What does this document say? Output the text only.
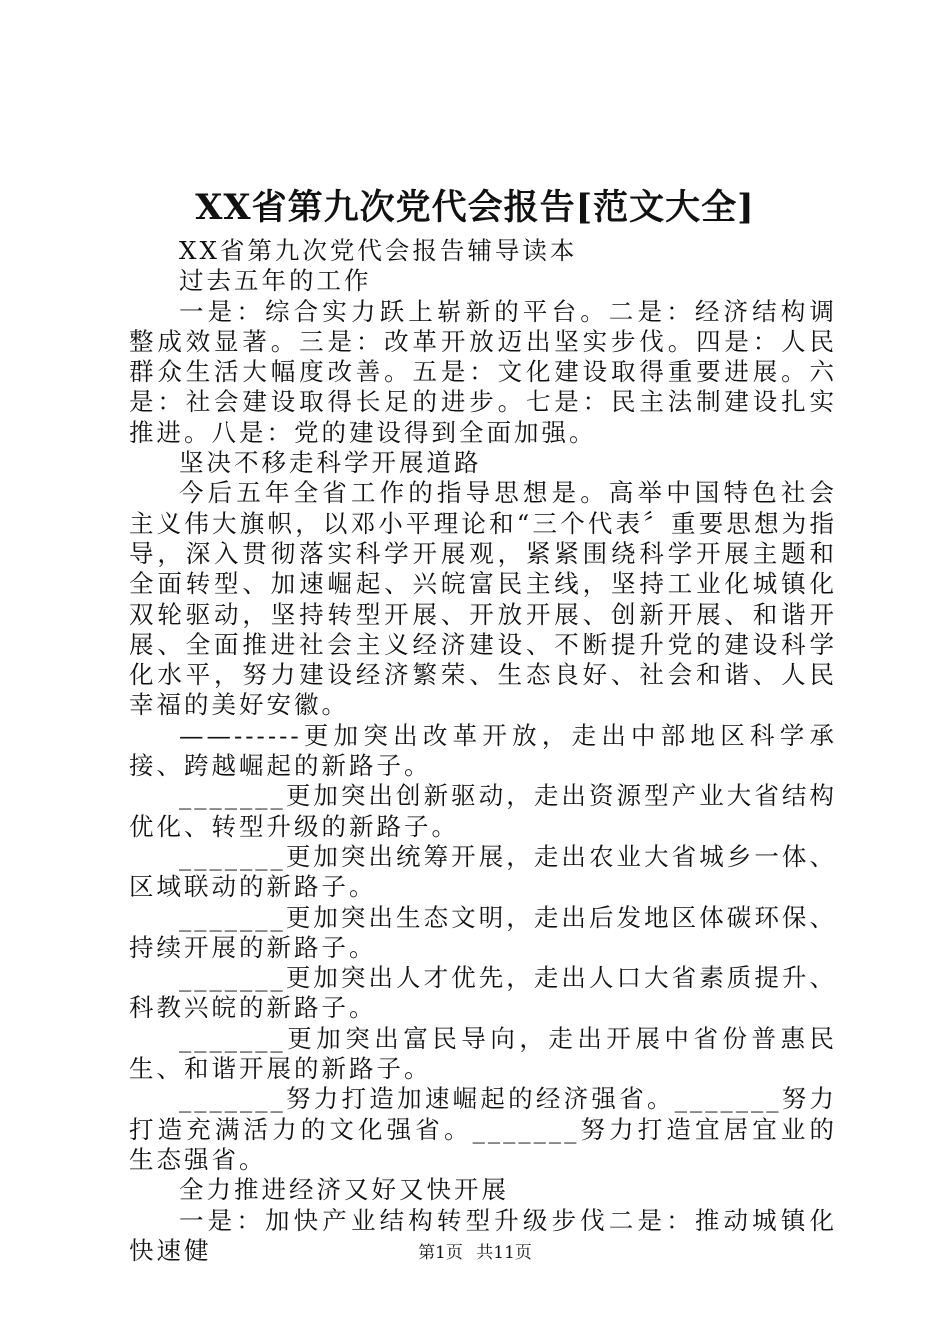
XX省第九次党代会报告[范文大全]

XX省第九次党代会报告辅导读本

过去五年的工作

一是：综合实力跃上崭新的平台。二是：经济结构调整成效显著。三是：改革开放迈出坚实步伐。四是：人民群众生活大幅度改善。五是：文化建设取得重要进展。六是：社会建设取得长足的进步。七是：民主法制建设扎实推进。八是：党的建设得到全面加强。

坚决不移走科学开展道路

今后五年全省工作的指导思想是。高举中国特色社会主义伟大旗帜，以邓小平理论和“三个代表〞重要思想为指导，深入贯彻落实科学开展观，紧紧围绕科学开展主题和全面转型、加速崛起、兴皖富民主线，坚持工业化城镇化双轮驱动，坚持转型开展、开放开展、创新开展、和谐开展、全面推进社会主义经济建设、不断提升党的建设科学化水平，努力建设经济繁荣、生态良好、社会和谐、人民幸福的美好安徽。

——------更加突出改革开放，走出中部地区科学承接、跨越崛起的新路子。

_______更加突出创新驱动，走出资源型产业大省结构优化、转型升级的新路子。

_______更加突出统筹开展，走出农业大省城乡一体、区域联动的新路子。

_______更加突出生态文明，走出后发地区体碳环保、持续开展的新路子。

_______更加突出人才优先，走出人口大省素质提升、科教兴皖的新路子。

_______更加突出富民导向，走出开展中省份普惠民生、和谐开展的新路子。

_______努力打造加速崛起的经济强省。_______努力打造充满活力的文化强省。_______努力打造宜居宜业的生态强省。

全力推进经济又好又快开展

一是：加快产业结构转型升级步伐二是：推动城镇化快速健	第1页 共11页
